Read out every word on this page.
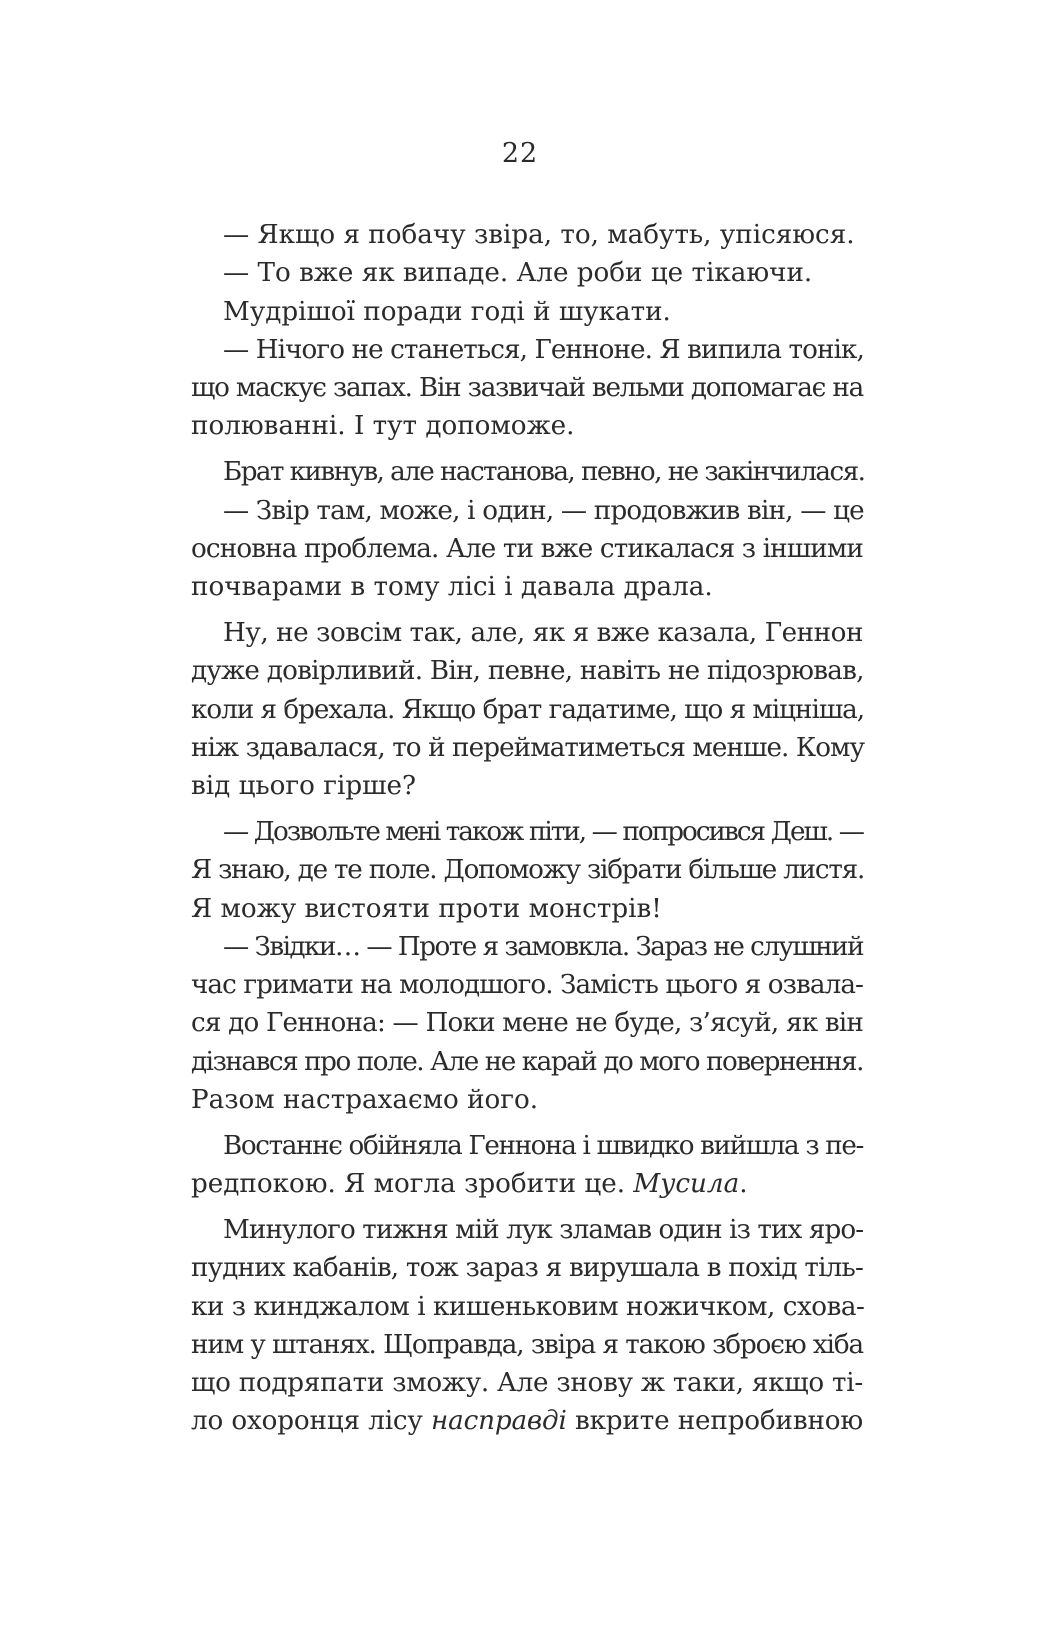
22
— Якщо я побачу звіра, то, мабуть, упісяюся.
— То вже як випаде. Але роби це тікаючи.
Мудрішої поради годі й шукати.
— Нічого не станеться, Генноне. Я випила тонік,
що маскує запах. Він зазвичай вельми допомагає на
полюванні. І тут допоможе.
Брат кивнув, але настанова, певно, не закінчилася.
— Звір там, може, і один, — продовжив він, — це
основна проблема. Але ти вже стикалася з іншими
почварами в тому лісі і давала драла.
Ну, не зовсім так, але, як я вже казала, Геннон
дуже довірливий. Він, певне, навіть не підозрював,
коли я брехала. Якщо брат гадатиме, що я міцніша,
ніж здавалася, то й перейматиметься менше. Кому
від цього гірше?
— Дозвольте мені також піти, — попросився Деш. —
Я знаю, де те поле. Допоможу зібрати більше листя.
Я можу вистояти проти монстрів!
— Звідки… — Проте я замовкла. Зараз не слушний
час гримати на молодшого. Замість цього я озвала-
ся до Геннона: — Поки мене не буде, з’ясуй, як він
дізнався про поле. Але не карай до мого повернення.
Разом настрахаємо його.
Востаннє обійняла Геннона і швидко вийшла з пе-
редпокою. Я могла зробити це. Мусила.
Минулого тижня мій лук зламав один із тих яро-
пудних кабанів, тож зараз я вирушала в похід тіль-
ки з кинджалом і кишеньковим ножичком, схова-
ним у штанях. Щоправда, звіра я такою зброєю хіба
що подряпати зможу. Але знову ж таки, якщо ті-
ло охоронця лісу насправді вкрите непробивною
